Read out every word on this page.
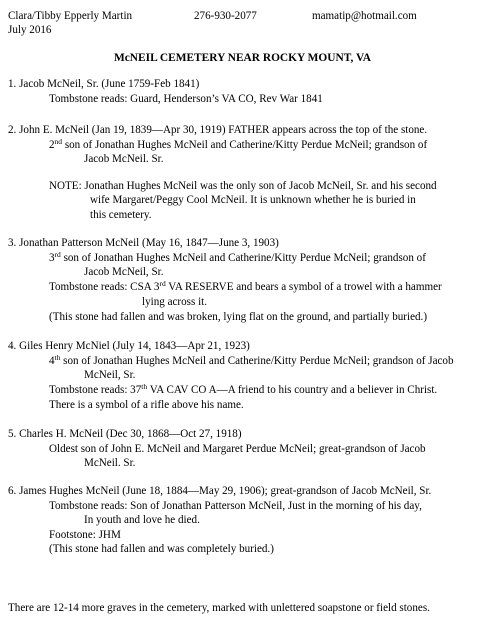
Clara/Tibby Epperly Martin	276-930-2077	mamatip@hotmail.com
July 2016
McNEIL CEMETERY NEAR ROCKY MOUNT, VA
1. Jacob McNeil, Sr. (June 1759-Feb 1841)
Tombstone reads: Guard, Henderson’s VA CO, Rev War 1841
2. John E. McNeil (Jan 19, 1839—Apr 30, 1919) FATHER appears across the top of the stone.
2nd son of Jonathan Hughes McNeil and Catherine/Kitty Perdue McNeil; grandson of
Jacob McNeil. Sr.
NOTE: Jonathan Hughes McNeil was the only son of Jacob McNeil, Sr. and his second
wife Margaret/Peggy Cool McNeil. It is unknown whether he is buried in
this cemetery.
3. Jonathan Patterson McNeil (May 16, 1847—June 3, 1903)
3rd son of Jonathan Hughes McNeil and Catherine/Kitty Perdue McNeil; grandson of
Jacob McNeil, Sr.
Tombstone reads: CSA 3rd VA RESERVE and bears a symbol of a trowel with a hammer
lying across it.
(This stone had fallen and was broken, lying flat on the ground, and partially buried.)
4. Giles Henry McNiel (July 14, 1843—Apr 21, 1923)
4th son of Jonathan Hughes McNeil and Catherine/Kitty Perdue McNeil; grandson of Jacob
McNeil, Sr.
Tombstone reads: 37th VA CAV CO A—A friend to his country and a believer in Christ.
There is a symbol of a rifle above his name.
5. Charles H. McNeil (Dec 30, 1868—Oct 27, 1918)
Oldest son of John E. McNeil and Margaret Perdue McNeil; great-grandson of Jacob
McNeil. Sr.
6. James Hughes McNeil (June 18, 1884—May 29, 1906); great-grandson of Jacob McNeil, Sr.
Tombstone reads: Son of Jonathan Patterson McNeil, Just in the morning of his day,
In youth and love he died.
Footstone: JHM
(This stone had fallen and was completely buried.)
There are 12-14 more graves in the cemetery, marked with unlettered soapstone or field stones.
